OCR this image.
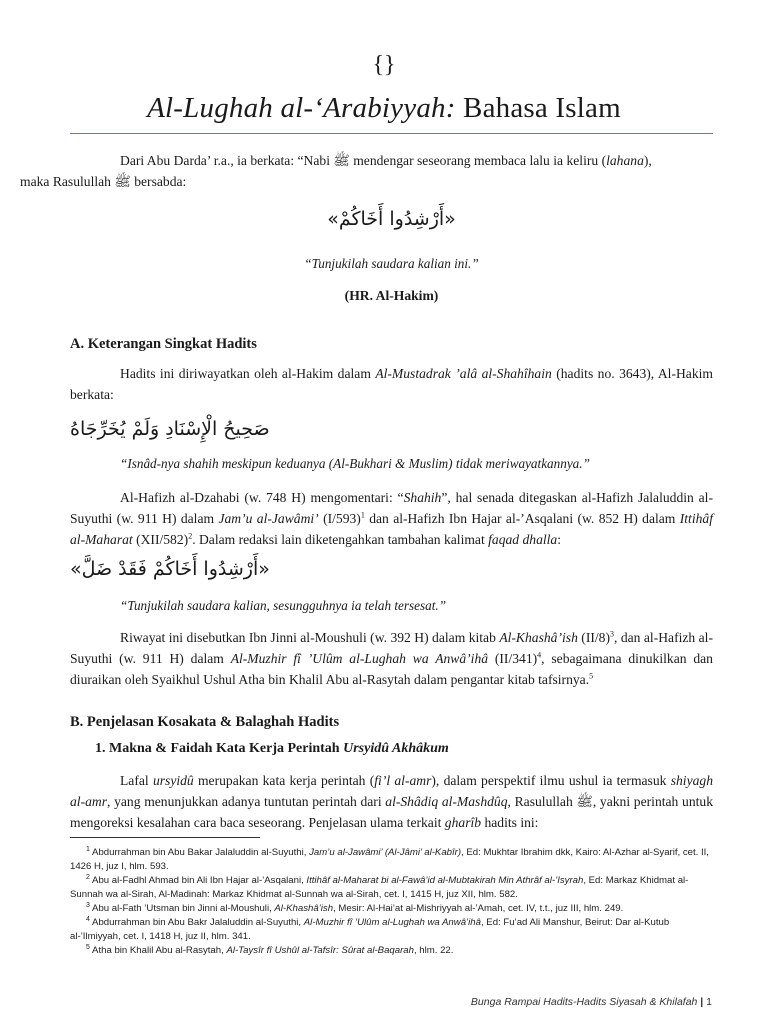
{}
Al-Lughah al-‘Arabiyyah: Bahasa Islam

Dari Abu Darda’ r.a., ia berkata: “Nabi ﷺ mendengar seseorang membaca lalu ia keliru (lahana),
maka Rasulullah ﷺ bersabda:

«أَرْشِدُوا أَخَاكُمْ»
“Tunjukilah saudara kalian ini.”
(HR. Al-Hakim)
A. Keterangan Singkat Hadits

Hadits ini diriwayatkan oleh al-Hakim dalam Al-Mustadrak ’alâ al-Shahîhain (hadits no. 3643), Al-Hakim berkata:

صَحِيحُ الْإِسْنَادِ وَلَمْ يُخَرِّجَاهُ
“Isnâd-nya shahih meskipun keduanya (Al-Bukhari & Muslim) tidak meriwayatkannya.”

Al-Hafizh al-Dzahabi (w. 748 H) mengomentari: “Shahih”, hal senada ditegaskan al-Hafizh Jalaluddin al-Suyuthi (w. 911 H) dalam Jam’u al-Jawâmi’ $(I/593)^1$ dan al-Hafizh Ibn Hajar al-’Asqalani (w. 852 H) dalam Ittihâf al-Maharat $(XII/582)^2$. Dalam redaksi lain diketengahkan tambahan kalimat faqad dhalla:

«أَرْشِدُوا أَخَاكُمْ فَقَدْ ضَلَّ»
“Tunjukilah saudara kalian, sesungguhnya ia telah tersesat.”

Riwayat ini disebutkan Ibn Jinni al-Moushuli (w. 392 H) dalam kitab Al-Khashâ’ish $(II/8)^3$, dan al-Hafizh al-Suyuthi (w. 911 H) dalam Al-Muzhir fî ’Ulûm al-Lughah wa Anwâ’ihâ $(II/341)^4$, sebagaimana dinukilkan dan diuraikan oleh Syaikhul Ushul Atha bin Khalil Abu al-Rasytah dalam pengantar kitab tafsirnya.$^5$

B. Penjelasan Kosakata & Balaghah Hadits
1. Makna & Faidah Kata Kerja Perintah Ursyidû Akhâkum

Lafal ursyidû merupakan kata kerja perintah (fi’l al-amr), dalam perspektif ilmu ushul ia termasuk shiyagh al-amr, yang menunjukkan adanya tuntutan perintah dari al-Shâdiq al-Mashdûq, Rasulullah ﷺ, yakni perintah untuk mengoreksi kesalahan cara baca seseorang. Penjelasan ulama terkait gharîb hadits ini:

$^1$ Abdurrahman bin Abu Bakar Jalaluddin al-Suyuthi, Jam’u al-Jawâmi’ (Al-Jâmi’ al-Kabîr), Ed: Mukhtar Ibrahim dkk, Kairo: Al-Azhar al-Syarif, cet. II, 1426 H, juz I, hlm. 593.
$^2$ Abu al-Fadhl Ahmad bin Ali Ibn Hajar al-’Asqalani, Ittihâf al-Maharat bi al-Fawâ’id al-Mubtakirah Min Athrâf al-’Isyrah, Ed: Markaz Khidmat al-Sunnah wa al-Sirah, Al-Madinah: Markaz Khidmat al-Sunnah wa al-Sirah, cet. I, 1415 H, juz XII, hlm. 582.
$^3$ Abu al-Fath ’Utsman bin Jinni al-Moushuli, Al-Khashâ’ish, Mesir: Al-Hai’at al-Mishriyyah al-’Amah, cet. IV, t.t., juz III, hlm. 249.
$^4$ Abdurrahman bin Abu Bakr Jalaluddin al-Suyuthi, Al-Muzhir fî ’Ulûm al-Lughah wa Anwâ’ihâ, Ed: Fu’ad Ali Manshur, Beirut: Dar al-Kutub al-’Ilmiyyah, cet. I, 1418 H, juz II, hlm. 341.
$^5$ Atha bin Khalil Abu al-Rasytah, Al-Taysîr fî Ushûl al-Tafsîr: Sûrat al-Baqarah, hlm. 22.
Bunga Rampai Hadits-Hadits Siyasah & Khilafah | 1
